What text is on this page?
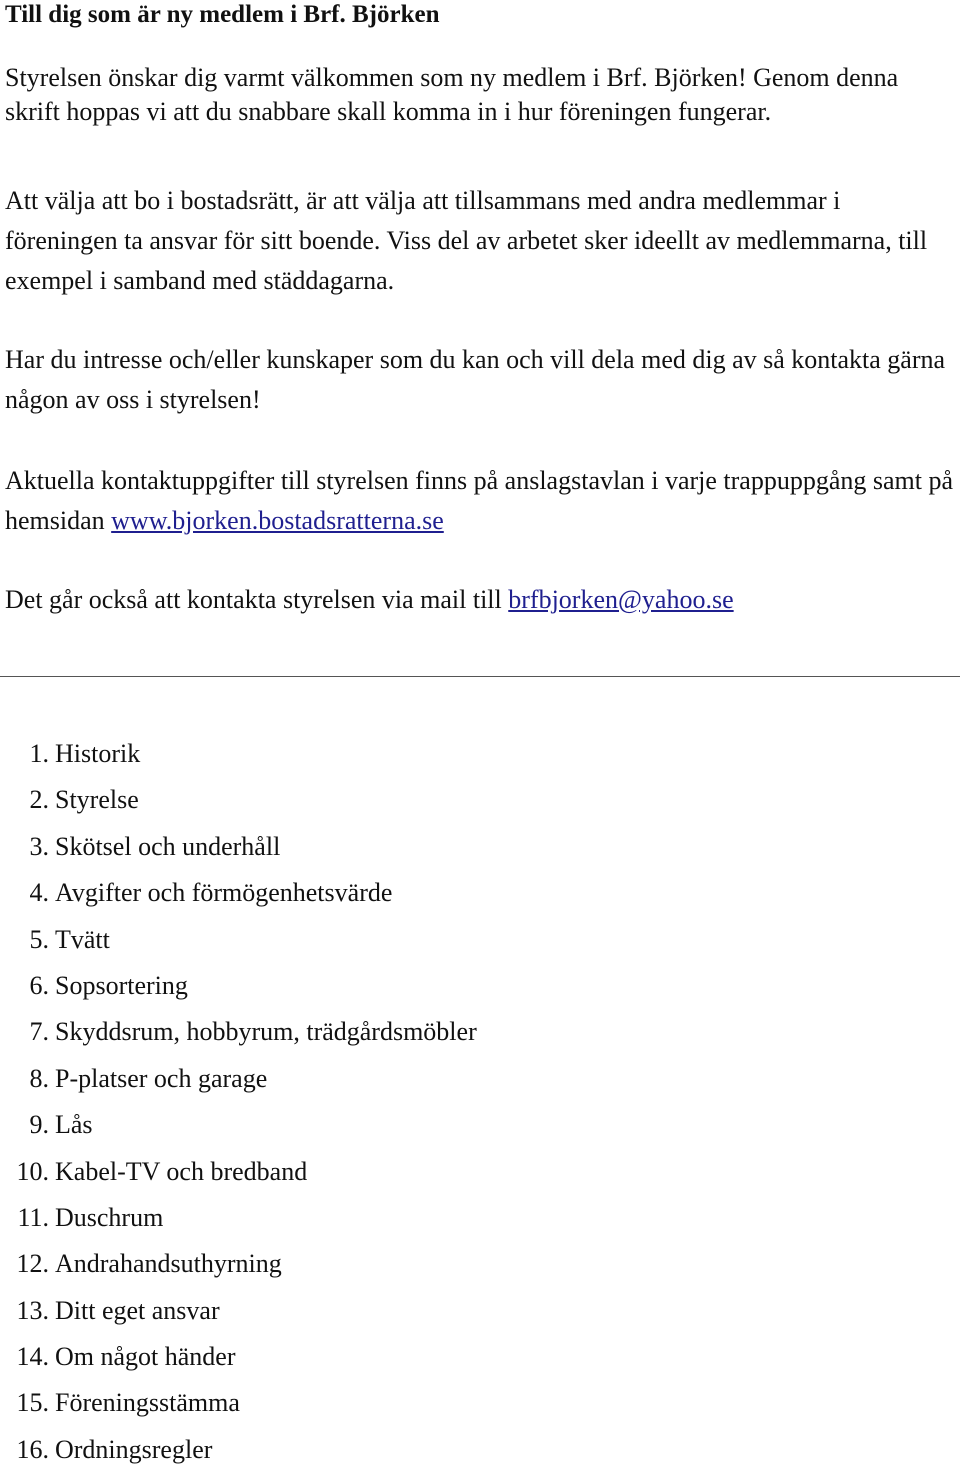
Till dig som är ny medlem i Brf. Björken

Styrelsen önskar dig varmt välkommen som ny medlem i Brf. Björken! Genom denna skrift hoppas vi att du snabbare skall komma in i hur föreningen fungerar.

Att välja att bo i bostadsrätt, är att välja att tillsammans med andra medlemmar i föreningen ta ansvar för sitt boende. Viss del av arbetet sker ideellt av medlemmarna, till exempel i samband med städdagarna.

Har du intresse och/eller kunskaper som du kan och vill dela med dig av så kontakta gärna någon av oss i styrelsen!

Aktuella kontaktuppgifter till styrelsen finns på anslagstavlan i varje trappuppgång samt på hemsidan www.bjorken.bostadsratterna.se

Det går också att kontakta styrelsen via mail till brfbjorken@yahoo.se

1. Historik
2. Styrelse
3. Skötsel och underhåll
4. Avgifter och förmögenhetsvärde
5. Tvätt
6. Sopsortering
7. Skyddsrum, hobbyrum, trädgårdsmöbler
8. P-platser och garage
9. Lås
10. Kabel-TV och bredband
11. Duschrum
12. Andrahandsuthyrning
13. Ditt eget ansvar
14. Om något händer
15. Föreningsstämma
16. Ordningsregler
